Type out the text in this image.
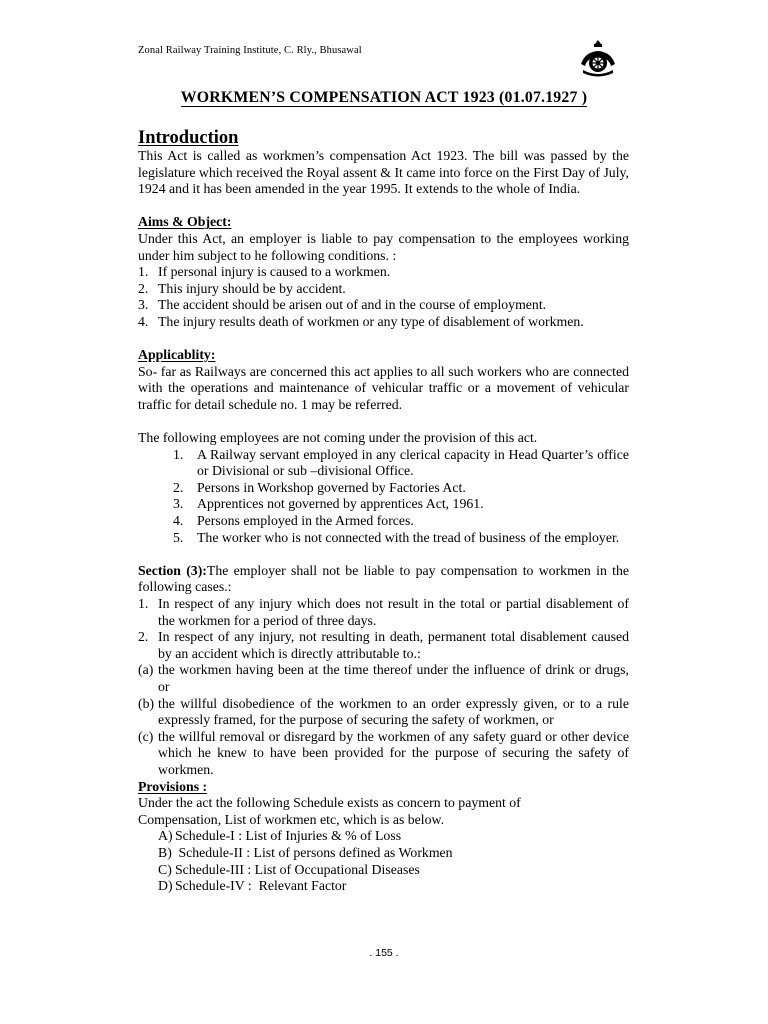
Zonal Railway Training Institute, C. Rly., Bhusawal
WORKMEN’S COMPENSATION ACT 1923 (01.07.1927 )
Introduction
This Act is called as workmen’s compensation Act 1923. The bill was passed by the legislature which received the Royal assent & It came into force on the First Day of July, 1924 and it has been amended in the year 1995. It extends to the whole of India.
Aims & Object:
Under this Act, an employer is liable to pay compensation to the employees working under him subject to he following conditions. :
1. If personal injury is caused to a workmen.
2. This injury should be by accident.
3. The accident should be arisen out of and in the course of employment.
4. The injury results death of workmen or any type of disablement of workmen.
Applicablity:
So- far as Railways are concerned this act applies to all such workers who are connected with the operations and maintenance of vehicular traffic or a movement of vehicular traffic for detail schedule no. 1 may be referred.
The following employees are not coming under the provision of this act.
1. A Railway servant employed in any clerical capacity in Head Quarter’s office or Divisional or sub –divisional Office.
2. Persons in Workshop governed by Factories Act.
3. Apprentices not governed by apprentices Act, 1961.
4. Persons employed in the Armed forces.
5. The worker who is not connected with the tread of business of the employer.
Section (3):The employer shall not be liable to pay compensation to workmen in the following cases.:
1. In respect of any injury which does not result in the total or partial disablement of the workmen for a period of three days.
2. In respect of any injury, not resulting in death, permanent total disablement caused by an accident which is directly attributable to.:
(a) the workmen having been at the time thereof under the influence of drink or drugs, or
(b) the willful disobedience of the workmen to an order expressly given, or to a rule expressly framed, for the purpose of securing the safety of workmen, or
(c) the willful removal or disregard by the workmen of any safety guard or other device which he knew to have been provided for the purpose of securing the safety of workmen.
Provisions :
Under the act the following Schedule exists as concern to payment of
Compensation, List of workmen etc, which is as below.
A) Schedule-I : List of Injuries & % of Loss
B) Schedule-II : List of persons defined as Workmen
C) Schedule-III : List of Occupational Diseases
D) Schedule-IV :  Relevant Factor
. 155 .
